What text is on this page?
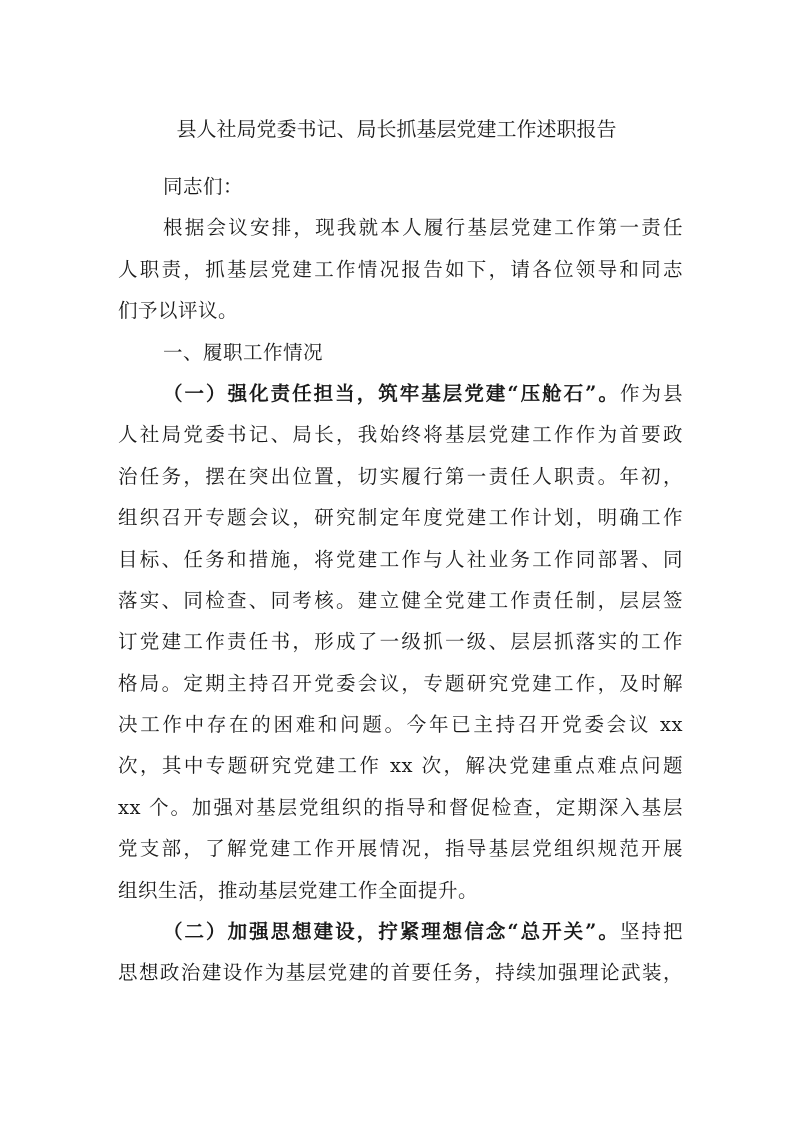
县人社局党委书记、局长抓基层党建工作述职报告
同志们：
根据会议安排，现我就本人履行基层党建工作第一责任
人职责，抓基层党建工作情况报告如下，请各位领导和同志
们予以评议。
一、履职工作情况
（一）强化责任担当，筑牢基层党建“压舱石”。作为县
人社局党委书记、局长，我始终将基层党建工作作为首要政
治任务，摆在突出位置，切实履行第一责任人职责。年初，
组织召开专题会议，研究制定年度党建工作计划，明确工作
目标、任务和措施，将党建工作与人社业务工作同部署、同
落实、同检查、同考核。建立健全党建工作责任制，层层签
订党建工作责任书，形成了一级抓一级、层层抓落实的工作
格局。定期主持召开党委会议，专题研究党建工作，及时解
决工作中存在的困难和问题。今年已主持召开党委会议 xx
次，其中专题研究党建工作 xx 次，解决党建重点难点问题
xx 个。加强对基层党组织的指导和督促检查，定期深入基层
党支部，了解党建工作开展情况，指导基层党组织规范开展
组织生活，推动基层党建工作全面提升。
（二）加强思想建设，拧紧理想信念“总开关”。坚持把
思想政治建设作为基层党建的首要任务，持续加强理论武装，
